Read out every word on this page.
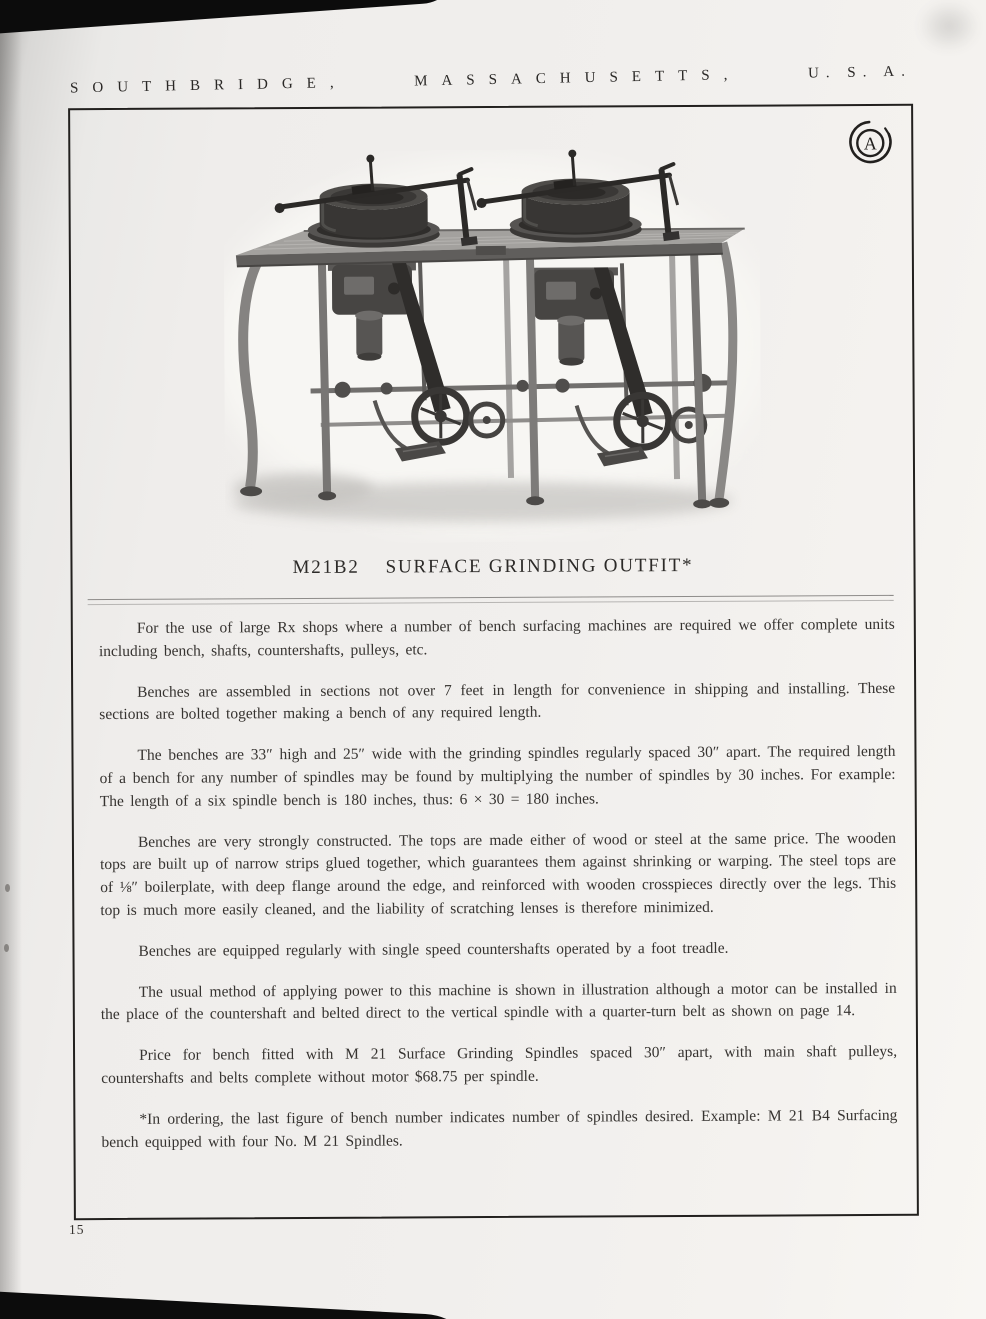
SOUTHBRIDGE,	MASSACHUSETTS,	U. S. A.
A
M21B2 SURFACE GRINDING OUTFIT*

For the use of large Rx shops where a number of bench surfacing machines are required we offer complete units including bench, shafts, countershafts, pulleys, etc.

Benches are assembled in sections not over 7 feet in length for convenience in shipping and installing. These sections are bolted together making a bench of any required length.

The benches are 33″ high and 25″ wide with the grinding spindles regularly spaced 30″ apart. The required length of a bench for any number of spindles may be found by multiplying the number of spindles by 30 inches. For example: The length of a six spindle bench is 180 inches, thus: 6 × 30 = 180 inches.

Benches are very strongly constructed. The tops are made either of wood or steel at the same price. The wooden tops are built up of narrow strips glued together, which guarantees them against shrinking or warping. The steel tops are of ⅛″ boilerplate, with deep flange around the edge, and reinforced with wooden crosspieces directly over the legs. This top is much more easily cleaned, and the liability of scratching lenses is therefore minimized.

Benches are equipped regularly with single speed countershafts operated by a foot treadle.

The usual method of applying power to this machine is shown in illustration although a motor can be installed in the place of the countershaft and belted direct to the vertical spindle with a quarter-turn belt as shown on page 14.

Price for bench fitted with M 21 Surface Grinding Spindles spaced 30″ apart, with main shaft pulleys, countershafts and belts complete without motor $68.75 per spindle.

*In ordering, the last figure of bench number indicates number of spindles desired. Example: M 21 B4 Surfacing bench equipped with four No. M 21 Spindles.

15
